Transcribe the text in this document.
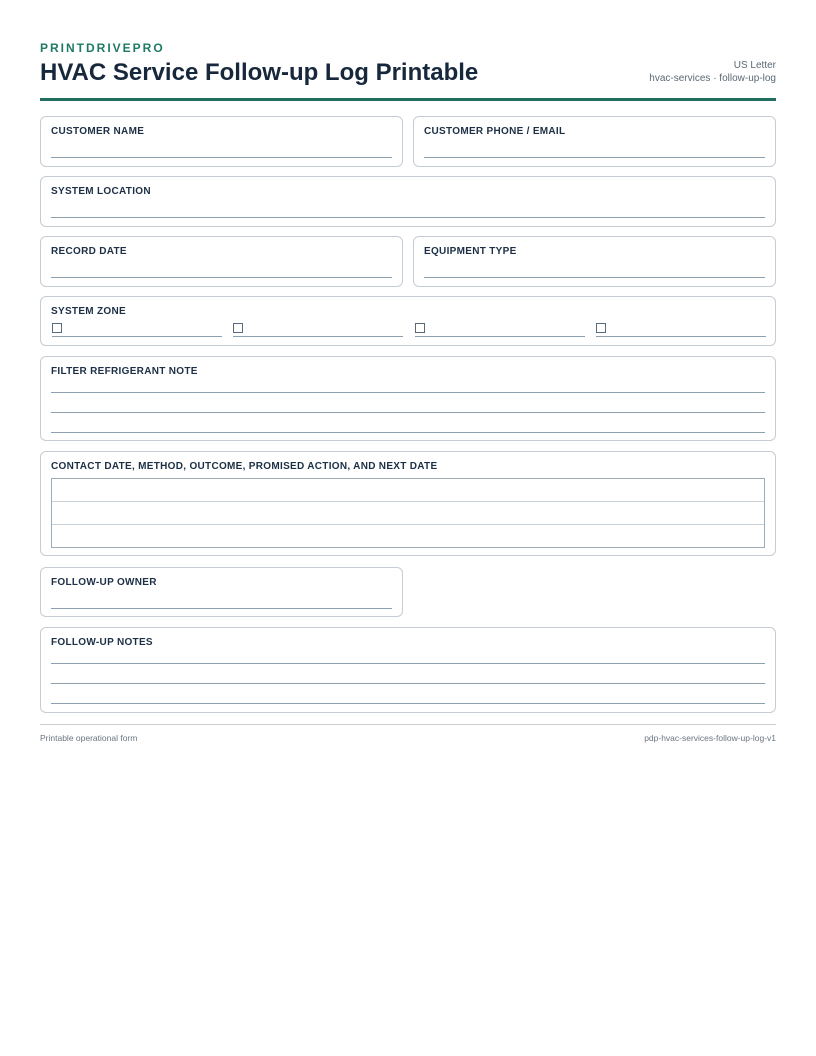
PRINTDRIVEPRO
HVAC Service Follow-up Log Printable	US Letter
hvac-services · follow-up-log
CUSTOMER NAME	CUSTOMER PHONE / EMAIL
SYSTEM LOCATION
RECORD DATE	EQUIPMENT TYPE
SYSTEM ZONE
FILTER REFRIGERANT NOTE
CONTACT DATE, METHOD, OUTCOME, PROMISED ACTION, AND NEXT DATE
FOLLOW-UP OWNER
FOLLOW-UP NOTES
Printable operational form	pdp-hvac-services-follow-up-log-v1
